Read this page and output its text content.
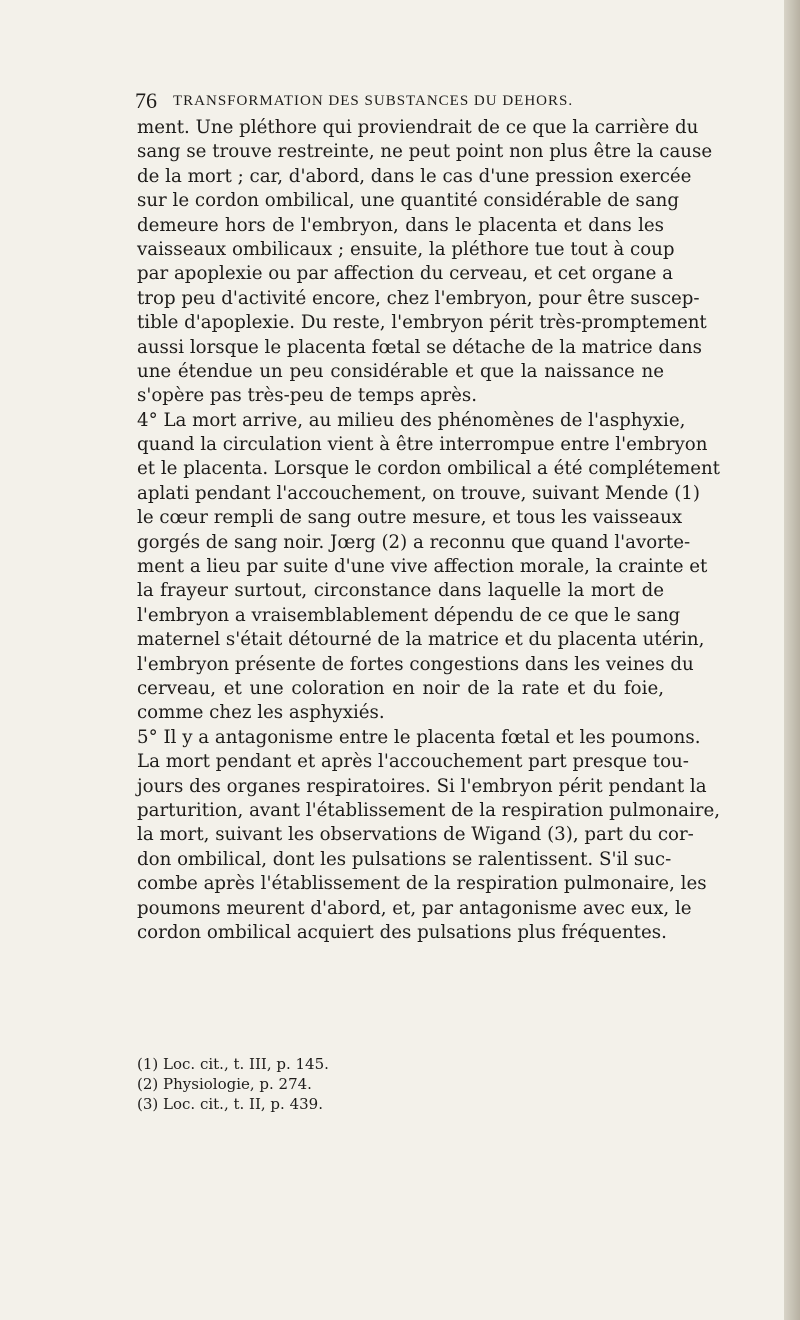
76 TRANSFORMATION DES SUBSTANCES DU DEHORS.
ment. Une pléthore qui proviendrait de ce que la carrière du
sang se trouve restreinte, ne peut point non plus être la cause
de la mort ; car, d'abord, dans le cas d'une pression exercée
sur le cordon ombilical, une quantité considérable de sang
demeure hors de l'embryon, dans le placenta et dans les
vaisseaux ombilicaux ; ensuite, la pléthore tue tout à coup
par apoplexie ou par affection du cerveau, et cet organe a
trop peu d'activité encore, chez l'embryon, pour être suscep-
tible d'apoplexie. Du reste, l'embryon périt très-promptement
aussi lorsque le placenta fœtal se détache de la matrice dans
une étendue un peu considérable et que la naissance ne
s'opère pas très-peu de temps après.
4° La mort arrive, au milieu des phénomènes de l'asphyxie,
quand la circulation vient à être interrompue entre l'embryon
et le placenta. Lorsque le cordon ombilical a été complétement
aplati pendant l'accouchement, on trouve, suivant Mende (1)
le cœur rempli de sang outre mesure, et tous les vaisseaux
gorgés de sang noir. Jœrg (2) a reconnu que quand l'avorte-
ment a lieu par suite d'une vive affection morale, la crainte et
la frayeur surtout, circonstance dans laquelle la mort de
l'embryon a vraisemblablement dépendu de ce que le sang
maternel s'était détourné de la matrice et du placenta utérin,
l'embryon présente de fortes congestions dans les veines du
cerveau, et une coloration en noir de la rate et du foie,
comme chez les asphyxiés.
5° Il y a antagonisme entre le placenta fœtal et les poumons.
La mort pendant et après l'accouchement part presque tou-
jours des organes respiratoires. Si l'embryon périt pendant la
parturition, avant l'établissement de la respiration pulmonaire,
la mort, suivant les observations de Wigand (3), part du cor-
don ombilical, dont les pulsations se ralentissent. S'il suc-
combe après l'établissement de la respiration pulmonaire, les
poumons meurent d'abord, et, par antagonisme avec eux, le
cordon ombilical acquiert des pulsations plus fréquentes.
(1) Loc. cit., t. III, p. 145.
(2) Physiologie, p. 274.
(3) Loc. cit., t. II, p. 439.
